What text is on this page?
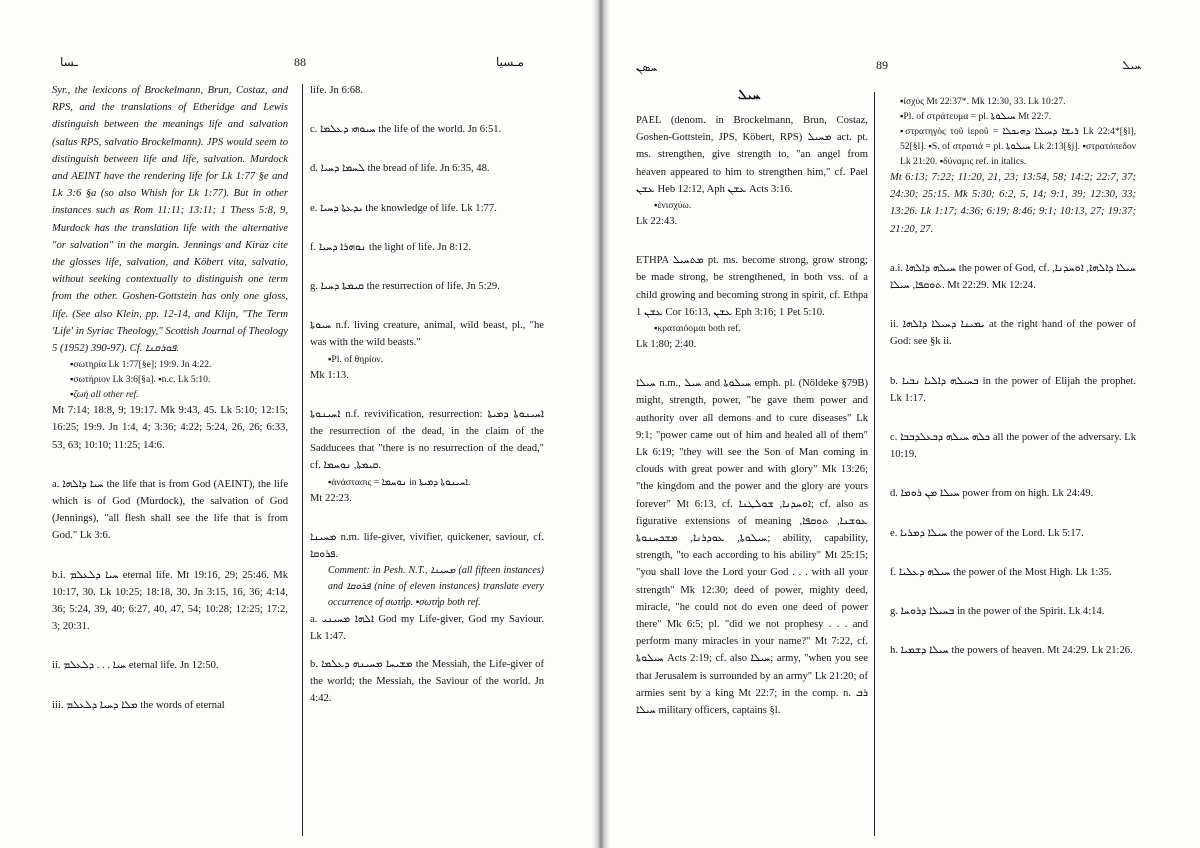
ـسا	88	مـسيا

Syr., the lexicons of Brockelmann, Brun, Costaz, and RPS, and the translations of Etheridge and Lewis distinguish between the meanings life and salvation (salus RPS, salvatio Brockelmann). JPS would seem to distinguish between life and life, salvation. Murdock and AEINT have the rendering life for Lk 1:77 §e and Lk 3:6 §a (so also Whish for Lk 1:77). But in other instances such as Rom 11:11; 13:11; 1 Thess 5:8, 9, Murdock has the translation life with the alternative "or salvation" in the margin. Jennings and Kiraz cite the glosses life, salvation, and Köbert vita, salvatio, without seeking contextually to distinguish one term from the other. Goshen-Gottstein has only one gloss, life. (See also Klein, pp. 12-14, and Klijn, "The Term 'Life' in Syriac Theology," Scottish Journal of Theology 5 (1952) 390-97). Cf. ܦܘܪܩܢܐ.

▪σωτηρία Lk 1:77[§e]; 19:9. Jn 4:22.

▪σωτήριον Lk 3:6[§a]. ▪n.c. Lk 5:10.

▪ζωή all other ref.

Mt 7:14; 18:8, 9; 19:17. Mk 9:43, 45. Lk 5:10; 12:15; 16:25; 19:9. Jn 1:4, 4; 3:36; 4:22; 5:24, 26, 26; 6:33, 53, 63; 10:10; 11:25; 14:6.

a. ܚܝܐ ܕܐܠܗܐ the life that is from God (AEINT), the life which is of God (Murdock), the salvation of God (Jennings), "all flesh shall see the life that is from God." Lk 3:6.

b.i. ܚܝܐ ܕܠܥܠܡ eternal life. Mt 19:16, 29; 25:46. Mk 10:17, 30. Lk 10:25; 18:18, 30. Jn 3:15, 16, 36; 4:14, 36; 5:24, 39, 40; 6:27, 40, 47, 54; 10:28; 12:25; 17:2, 3; 20:31.

ii. ܚܝܐ . . . ܕܠܥܠܡ eternal life. Jn 12:50.

iii. ܡܠܐ ܕܚܝܐ ܕܠܥܠܡ the words of eternal

life. Jn 6:68.

c. ܚܝܘܗܝ ܕܥܠܡܐ the life of the world. Jn 6:51.

d. ܠܚܡܐ ܕܚܝܐ the bread of life. Jn 6:35, 48.

e. ܝܕܥܬܐ ܕܚܝܐ the knowledge of life. Lk 1:77.

f. ܢܘܗܪܐ ܕܚܝܐ the light of life. Jn 8:12.

g. ܩܝܡܬܐ ܕܚܝܐ the resurrection of life. Jn 5:29.

ܚܝܘܬܐ n.f. living creature, animal, wild beast, pl., "he was with the wild beasts."

▪Pl. of θηρίον.

Mk 1:13.

ܐܚܝܢܘܬܐ n.f. revivification, resurrection: ܐܚܝܢܘܬܐ ܕܡܝܬܐ the resurrection of the dead, in the claim of the Sadducees that "there is no resurrection of the dead," cf. ܩܝܡܬܐ, ܢܘܚܡܐ.

▪ἀνάστασις = ܢܘܚܡܐ in ܐܚܝܢܘܬܐ ܕܡܝܬܐ.

Mt 22:23.

ܡܚܝܢܐ n.m. life-giver, vivifier, quickener, saviour, cf. ܦܪܘܩܐ.

Comment: in Pesh. N.T., ܡܚܝܢܐ (all fifteen instances) and ܦܪܘܩܐ (nine of eleven instances) translate every occurrence of σωτήρ. ▪σωτήρ both ref.

a. ܐܠܗܐ ܡܚܝܢܝ God my Life-giver, God my Saviour. Lk 1:47.

b. ܡܫܝܚܐ ܡܚܝܢܗ ܕܥܠܡܐ the Messiah, the Life-giver of the world; the Messiah, the Saviour of the world. Jn 4:42.

ܚܣܢ	89	ܚܝܠ
ܚܝܠ

PAEL (denom. in Brockelmann, Brun, Costaz, Goshen-Gottstein, JPS, Köbert, RPS) ܡܚܝܠ act. pt. ms. strengthen, give strength to, "an angel from heaven appeared to him to strengthen him," cf. Pael ܥܫܢ Heb 12:12, Aph ܥܫܢ Acts 3:16.

▪ἐνισχύω.

Lk 22:43.

ETHPA ܡܬܚܝܠ pt. ms. become strong, grow strong; be made strong, be strengthened, in both vss. of a child growing and becoming strong in spirit, cf. Ethpa ܥܫܢ 1 Cor 16:13, ܥܫܢ Eph 3:16; 1 Pet 5:10.

▪κραταιόομαι both ref.

Lk 1:80; 2:40.

ܚܝܠܐ n.m., ܚܝܠ and ܚܝܠܘܬܐ emph. pl. (Nöldeke §79B) might, strength, power, "he gave them power and authority over all demons and to cure diseases" Lk 9:1; "power came out of him and healed all of them" Lk 6:19; "they will see the Son of Man coming in clouds with great power and with glory" Mk 13:26; "the kingdom and the power and the glory are yours forever" Mt 6:13, cf. ܐܘܚܕܢܐ, ܫܘܠܛܢܐ; cf. also as figurative extensions of meaning ܥܘܫܢܐ, ܬܘܩܦܐ, ܚܝܠܘܬܐ, ܥܘܕܪܢܐ, ܡܫܟܚܢܘܬܐ; ability, capability, strength, "to each according to his ability" Mt 25:15; "you shall love the Lord your God . . . with all your strength" Mk 12:30; deed of power, mighty deed, miracle, "he could not do even one deed of power there" Mk 6:5; pl. "did we not prophesy . . . and perform many miracles in your name?" Mt 7:22, cf. ܚܝܠܘܬܐ Acts 2:19; cf. also ܚܝܠܐ; army, "when you see that Jerusalem is surrounded by an army" Lk 21:20; of armies sent by a king Mt 22:7; in the comp. n. ܪܒ ܚܝܠܐ military officers, captains §l.

▪ἰσχύς Mt 22:37*. Mk 12:30, 33. Lk 10:27.

▪Pl. of στράτευμα = pl. ܚܝܠܘܬܐ Mt 22:7.

▪στρατηγὸς τοῦ ἱεροῦ = ܪܝܫܐ ܕܚܝܠܐ ܕܗܝܟܠܐ Lk 22:4*[§l], 52[§l]. ▪S. of στρατιά = pl. ܚܝܠܘܬܐ Lk 2:13[§j]. ▪στρατόπεδον Lk 21:20. ▪δύναμις ref. in italics.

Mt 6:13; 7:22; 11:20, 21, 23; 13:54, 58; 14:2; 22:7, 37; 24:30; 25:15. Mk 5:30; 6:2, 5, 14; 9:1, 39; 12:30, 33; 13:26. Lk 1:17; 4:36; 6:19; 8:46; 9:1; 10:13, 27; 19:37; 21:20, 27.

a.i. ܚܝܠܗ ܕܐܠܗܐ the power of God, cf. ܚܝܠܐ ܕܐܠܗܐ, ܐܘܚܕܢܐ, ܬܘܩܦܐ, ܚܝܠܐ. Mt 22:29. Mk 12:24.

ii. ܝܡܝܢܐ ܕܚܝܠܐ ܕܐܠܗܐ at the right hand of the power of God: see §k ii.

b. ܒܚܝܠܗ ܕܐܠܝܐ ܢܒܝܐ in the power of Elijah the prophet. Lk 1:17.

c. ܟܠܗ ܚܝܠܗ ܕܒܥܠܕܒܒܐ all the power of the adversary. Lk 10:19.

d. ܚܝܠܐ ܡܢ ܪܘܡܐ power from on high. Lk 24:49.

e. ܚܝܠܐ ܕܡܪܝܐ the power of the Lord. Lk 5:17.

f. ܚܝܠܗ ܕܥܠܝܐ the power of the Most High. Lk 1:35.

g. ܒܚܝܠܐ ܕܪܘܚܐ in the power of the Spirit. Lk 4:14.

h. ܚܝܠܐ ܕܫܡܝܐ the powers of heaven. Mt 24:29. Lk 21:26.
